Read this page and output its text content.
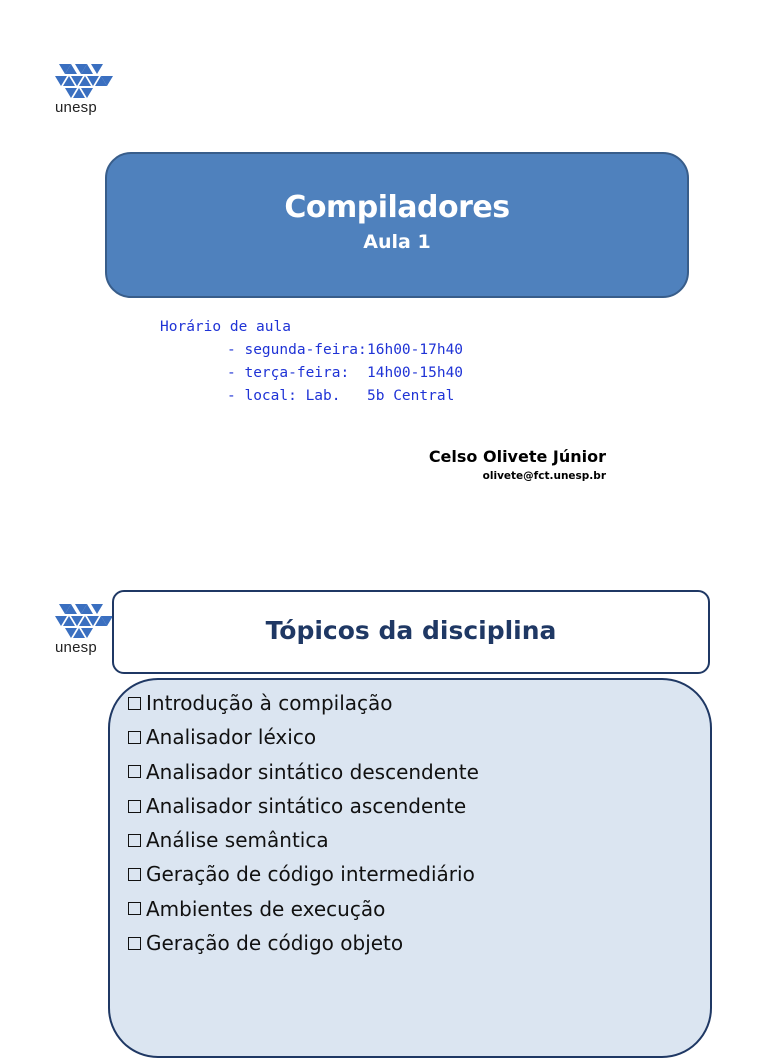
unesp
Compiladores
Aula 1
Horário de aula
- segunda-feira:16h00-17h40
- terça-feira: 14h00-15h40
- local: Lab. 5b Central
Celso Olivete Júnior
olivete@fct.unesp.br
unesp
Tópicos da disciplina
Introdução à compilação
Analisador léxico
Analisador sintático descendente
Analisador sintático ascendente
Análise semântica
Geração de código intermediário
Ambientes de execução
Geração de código objeto
